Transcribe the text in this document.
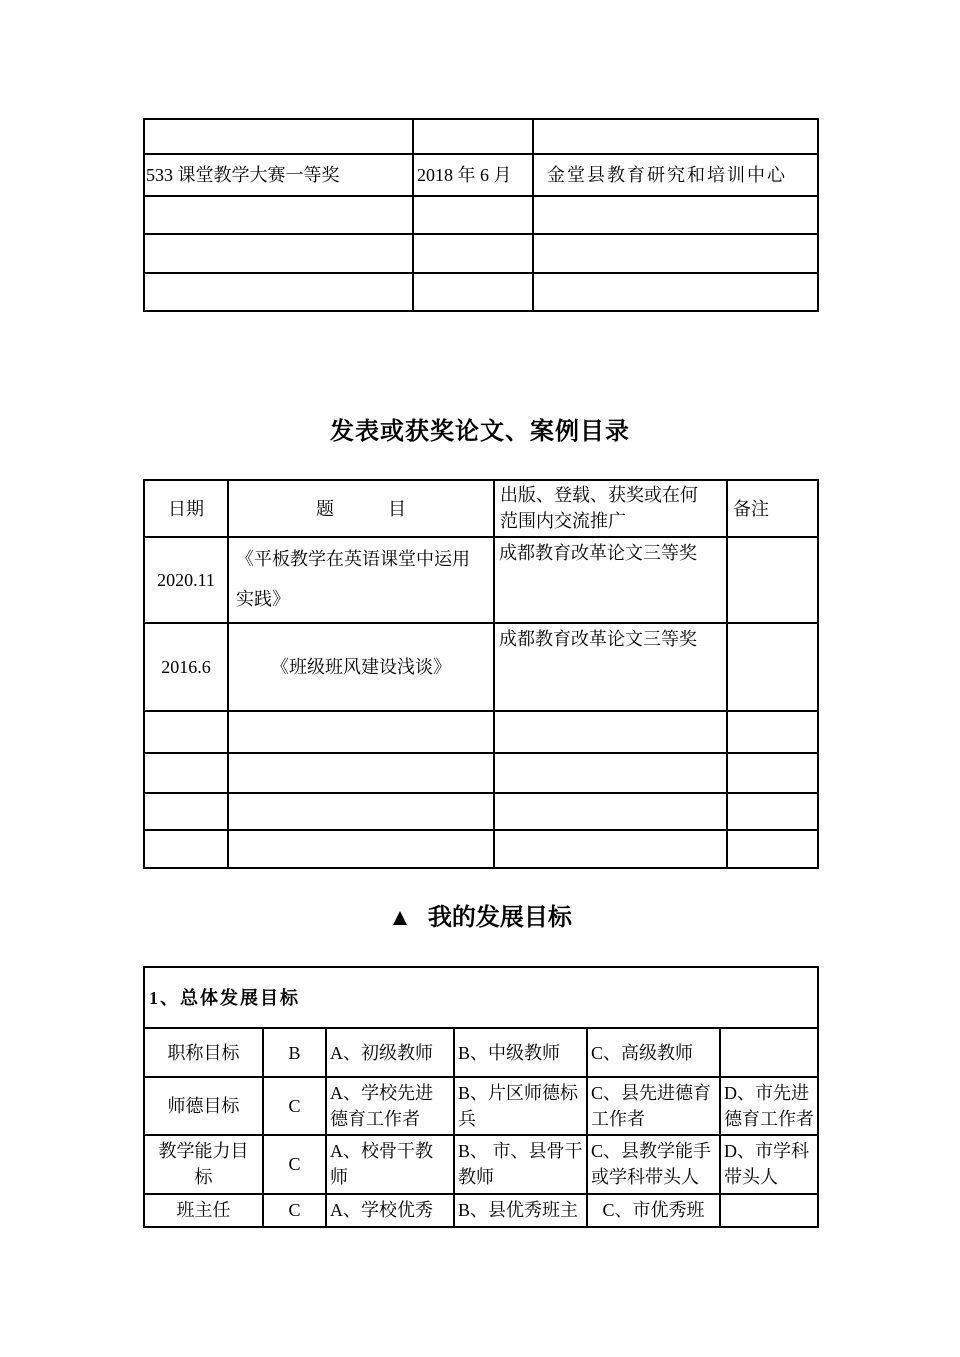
533 课堂教学大赛一等奖	2018 年 6 月	金堂县教育研究和培训中心

发表或获奖论文、案例目录
日期	题　　　目	出版、登载、获奖或在何范围内交流推广	备注
2020.11	《平板教学在英语课堂中运用实践》	成都教育改革论文三等奖	
2016.6	《班级班风建设浅谈》	成都教育改革论文三等奖	

▲ 我的发展目标
1、总体发展目标					
职称目标	B	A、初级教师	B、中级教师	C、高级教师	
师德目标	C	A、学校先进德育工作者	B、片区师德标兵	C、县先进德育工作者	D、市先进德育工作者
教学能力目标	C	A、校骨干教师	B、 市、县骨干教师	C、县教学能手或学科带头人	D、市学科带头人
班主任	C	A、学校优秀	B、县优秀班主	C、市优秀班	
